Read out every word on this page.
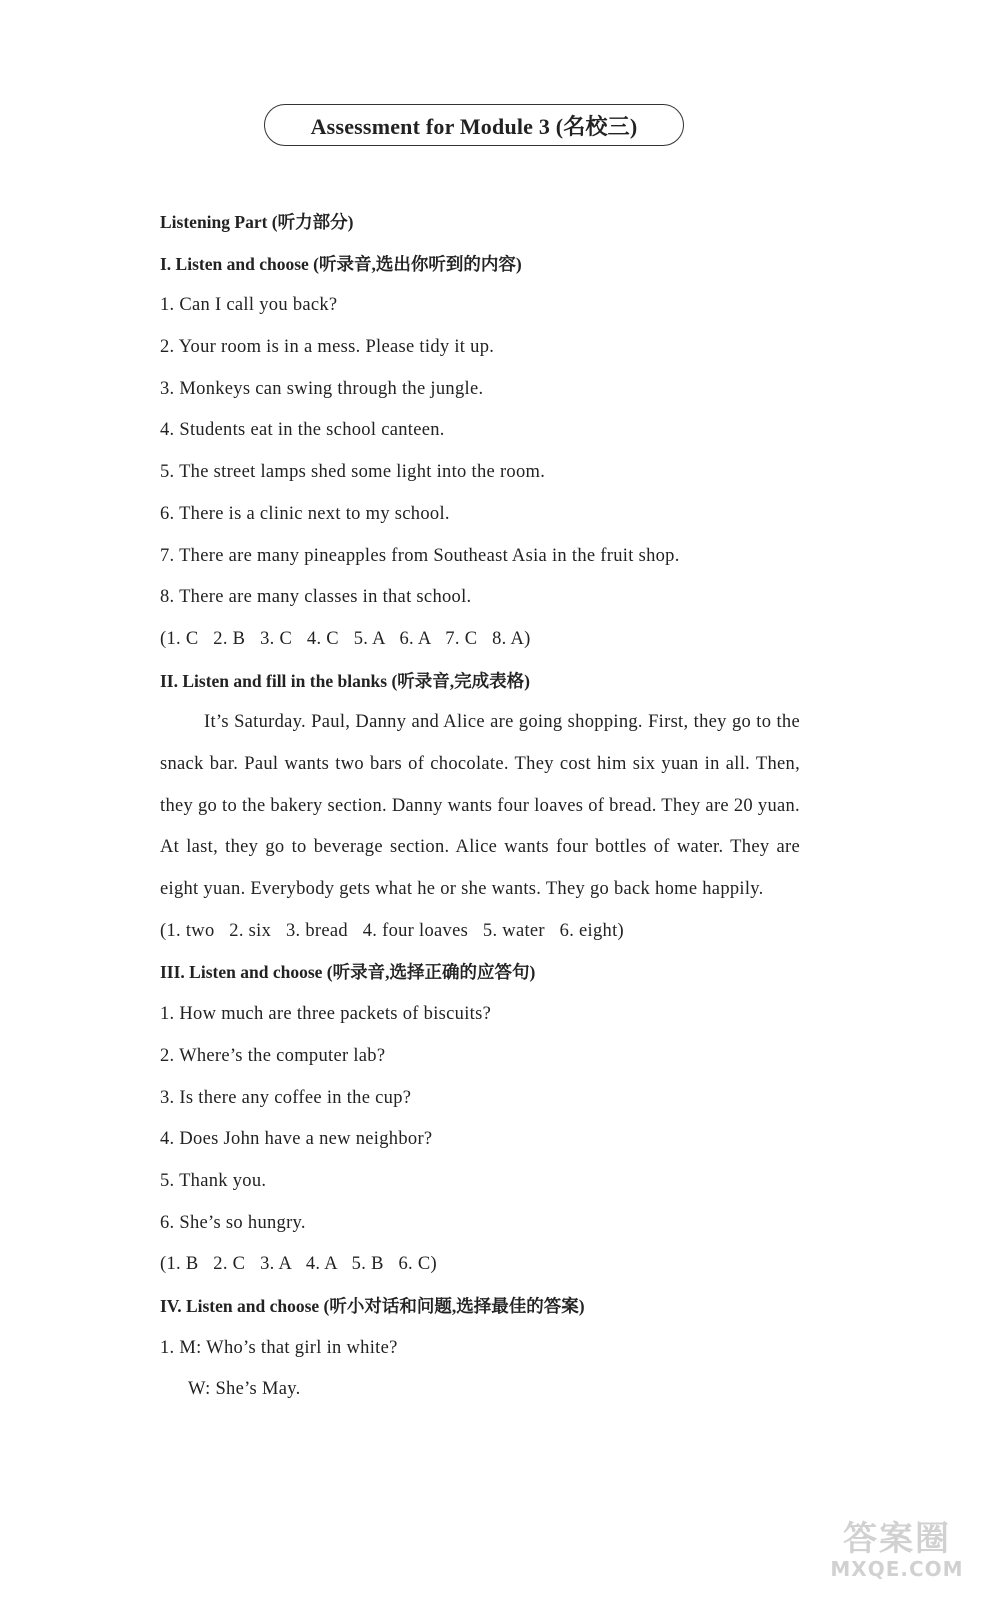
Assessment for Module 3 (名校三)
Listening Part (听力部分)
I. Listen and choose (听录音,选出你听到的内容)
1. Can I call you back?
2. Your room is in a mess. Please tidy it up.
3. Monkeys can swing through the jungle.
4. Students eat in the school canteen.
5. The street lamps shed some light into the room.
6. There is a clinic next to my school.
7. There are many pineapples from Southeast Asia in the fruit shop.
8. There are many classes in that school.
(1. C   2. B   3. C   4. C   5. A   6. A   7. C   8. A)
II. Listen and fill in the blanks (听录音,完成表格)

It’s Saturday. Paul, Danny and Alice are going shopping. First, they go to the snack bar. Paul wants two bars of chocolate. They cost him six yuan in all. Then, they go to the bakery section. Danny wants four loaves of bread. They are 20 yuan. At last, they go to beverage section. Alice wants four bottles of water. They are eight yuan. Everybody gets what he or she wants. They go back home happily.

(1. two   2. six   3. bread   4. four loaves   5. water   6. eight)
III. Listen and choose (听录音,选择正确的应答句)
1. How much are three packets of biscuits?
2. Where’s the computer lab?
3. Is there any coffee in the cup?
4. Does John have a new neighbor?
5. Thank you.
6. She’s so hungry.
(1. B   2. C   3. A   4. A   5. B   6. C)
IV. Listen and choose (听小对话和问题,选择最佳的答案)
1. M: Who’s that girl in white?
W: She’s May.
答案圈
MXQE.COM
